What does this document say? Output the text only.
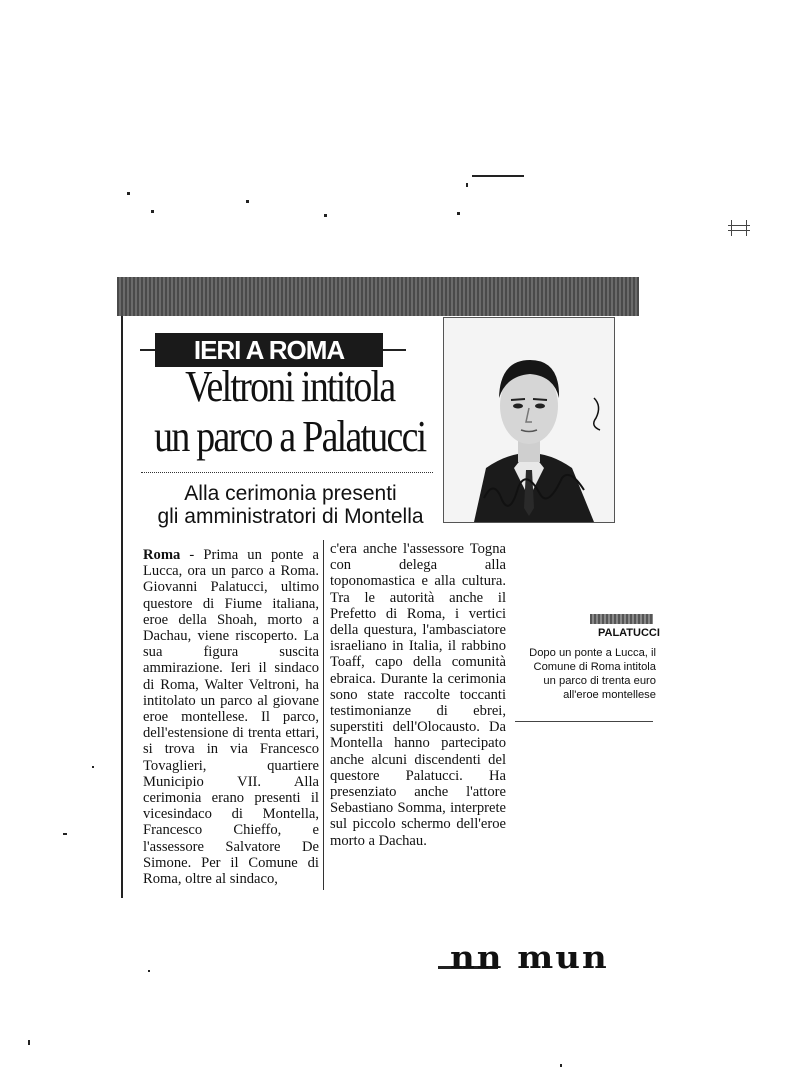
IERI A ROMA
Veltroni intitola
un parco a Palatucci
Alla cerimonia presenti
gli amministratori di Montella
Roma - Prima un ponte a Lucca, ora un parco a Roma. Giovanni Palatucci, ultimo questore di Fiume italiana, eroe della Shoah, morto a Dachau, viene riscoperto. La sua figura suscita ammirazione. Ieri il sindaco di Roma, Walter Veltroni, ha intitolato un parco al giovane eroe montellese. Il parco, dell'estensione di trenta ettari, si trova in via Francesco Tovaglieri, quartiere Municipio VII. Alla cerimonia erano presenti il vicesindaco di Montella, Francesco Chieffo, e l'assessore Salvatore De Simone. Per il Comune di Roma, oltre al sindaco,
c'era anche l'assessore Togna con delega alla toponomastica e alla cultura. Tra le autorità anche il Prefetto di Roma, i vertici della questura, l'ambasciatore israeliano in Italia, il rabbino Toaff, capo della comunità ebraica. Durante la cerimonia sono state raccolte toccanti testimonianze di ebrei, superstiti dell'Olocausto. Da Montella hanno partecipato anche alcuni discendenti del questore Palatucci. Ha presenziato anche l'attore Sebastiano Somma, interprete sul piccolo schermo dell'eroe morto a Dachau.
PALATUCCI
Dopo un ponte a Lucca, il Comune di Roma intitola un parco di trenta euro all'eroe montellese
nn mun
